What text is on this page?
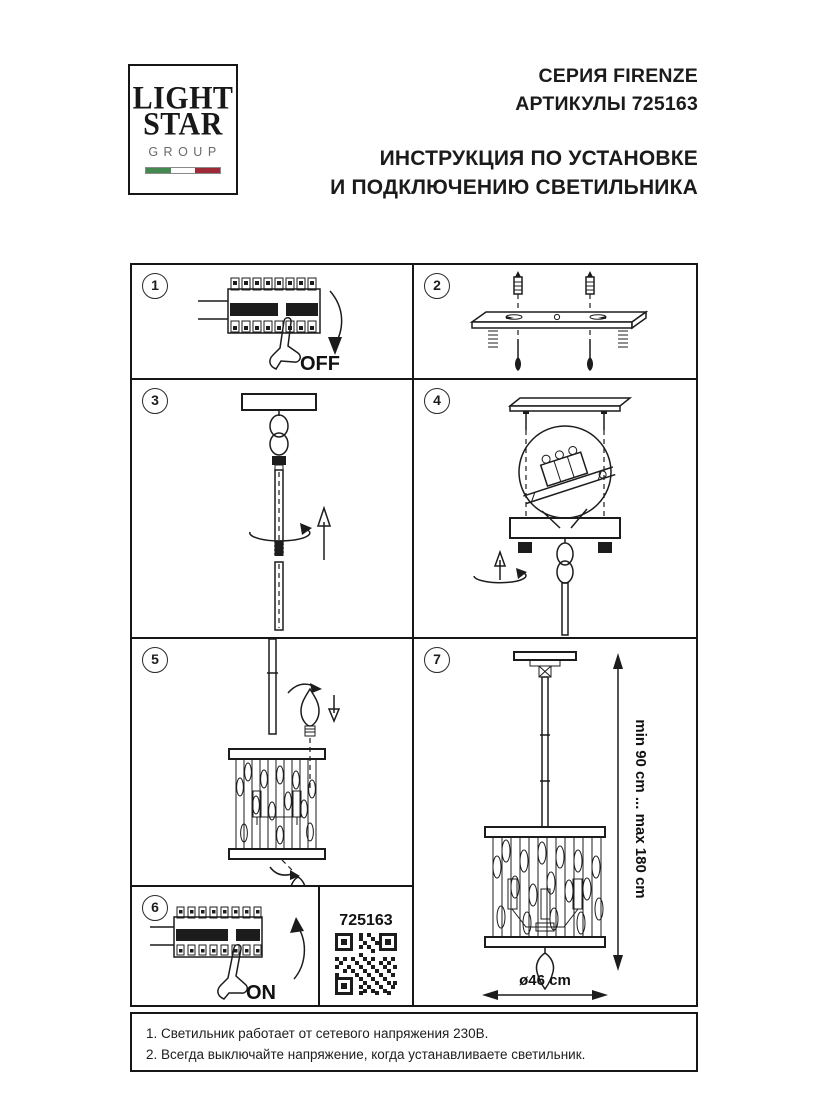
LIGHT
STAR
GROUP
СЕРИЯ FIRENZE
АРТИКУЛЫ 725163
ИНСТРУКЦИЯ ПО УСТАНОВКЕ
И ПОДКЛЮЧЕНИЮ СВЕТИЛЬНИКА
1	2
3	4
5
6
7
OFF
ON
725163
min 90 cm ... max 180 cm
ø46 cm
1. Светильник работает от сетевого напряжения 230В.
2. Всегда выключайте напряжение, когда устанавливаете светильник.
